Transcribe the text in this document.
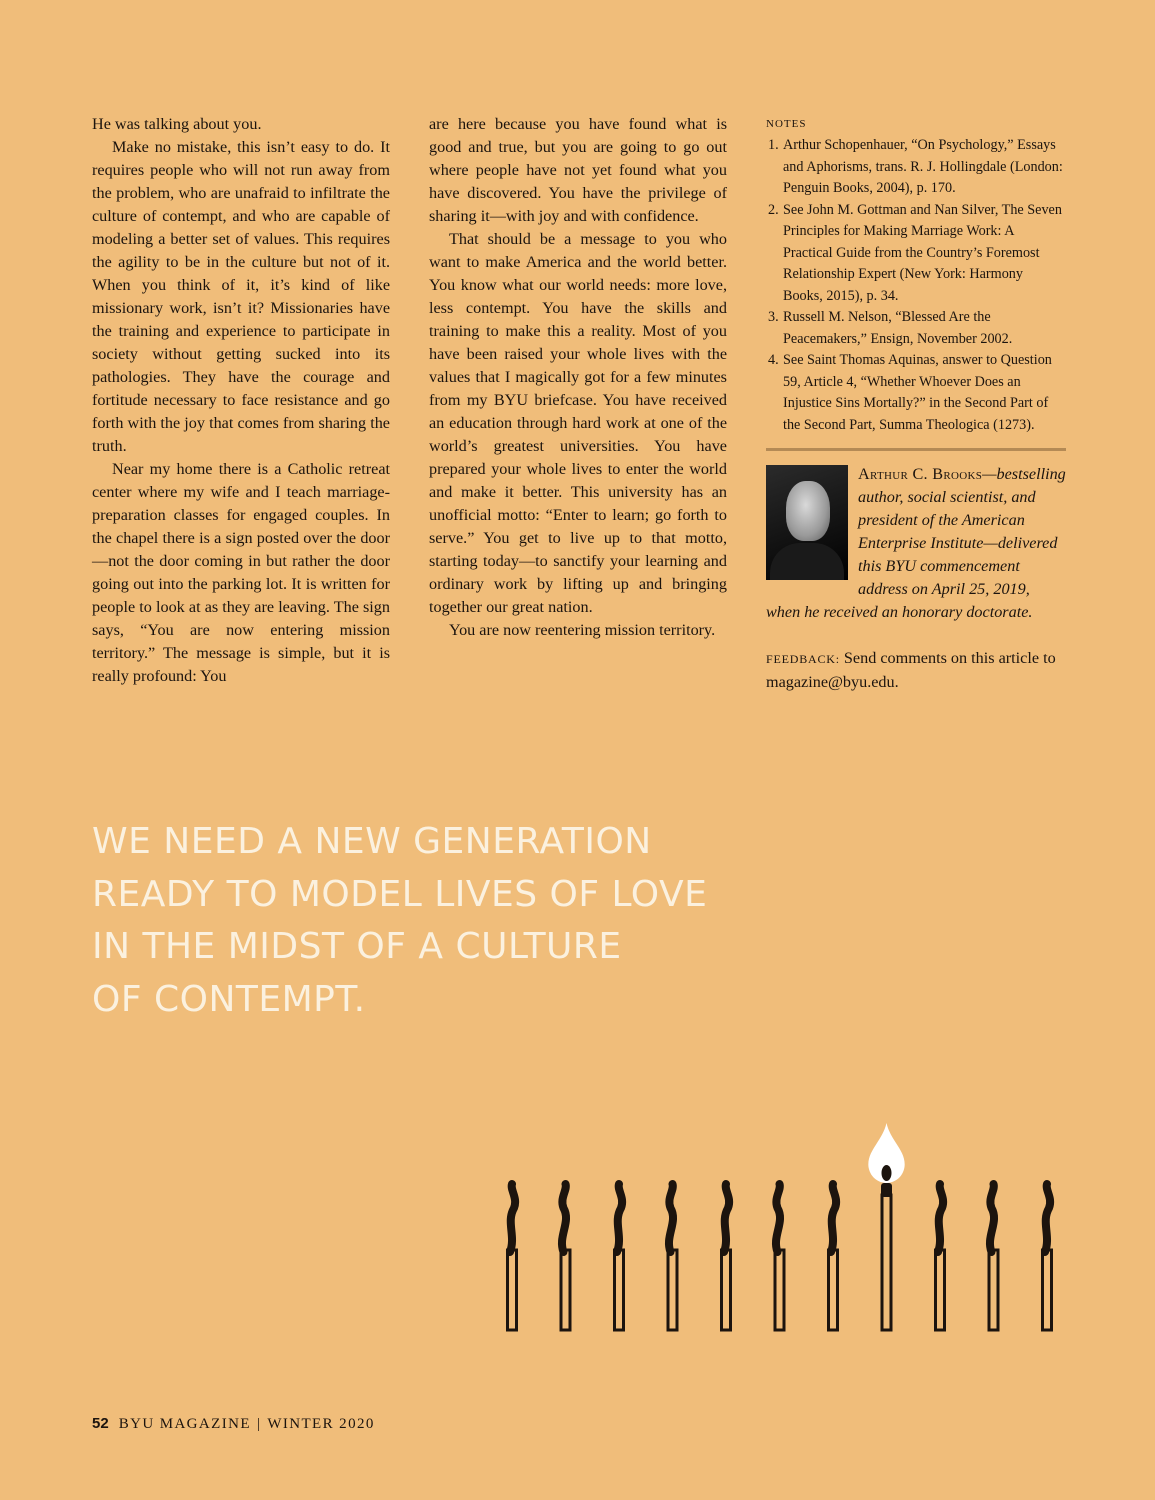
He was talking about you.

Make no mistake, this isn’t easy to do. It requires people who will not run away from the problem, who are unafraid to infiltrate the culture of contempt, and who are capable of modeling a better set of values. This requires the agility to be in the culture but not of it. When you think of it, it’s kind of like missionary work, isn’t it? Missionaries have the training and experience to participate in society without getting sucked into its pathologies. They have the courage and fortitude necessary to face resistance and go forth with the joy that comes from sharing the truth.

Near my home there is a Catholic retreat center where my wife and I teach marriage-preparation classes for engaged couples. In the chapel there is a sign posted over the door—not the door coming in but rather the door going out into the parking lot. It is written for people to look at as they are leaving. The sign says, “You are now entering mission territory.” The message is simple, but it is really profound: You

are here because you have found what is good and true, but you are going to go out where people have not yet found what you have discovered. You have the privilege of sharing it—with joy and with confidence.

That should be a message to you who want to make America and the world better. You know what our world needs: more love, less contempt. You have the skills and training to make this a reality. Most of you have been raised your whole lives with the values that I magically got for a few minutes from my BYU briefcase. You have received an education through hard work at one of the world’s greatest universities. You have prepared your whole lives to enter the world and make it better. This university has an unofficial motto: “Enter to learn; go forth to serve.” You get to live up to that motto, starting today—to sanctify your learning and ordinary work by lifting up and bringing together our great nation.

You are now reentering mission territory.

NOTES
1. Arthur Schopenhauer, “On Psychology,” Essays and Aphorisms, trans. R. J. Hollingdale (London: Penguin Books, 2004), p. 170.
2. See John M. Gottman and Nan Silver, The Seven Principles for Making Marriage Work: A Practical Guide from the Country’s Foremost Relationship Expert (New York: Harmony Books, 2015), p. 34.
3. Russell M. Nelson, “Blessed Are the Peacemakers,” Ensign, November 2002.
4. See Saint Thomas Aquinas, answer to Question 59, Article 4, “Whether Whoever Does an Injustice Sins Mortally?” in the Second Part of the Second Part, Summa Theologica (1273).
Arthur C. Brooks—bestselling author, social scientist, and president of the American Enterprise Institute—delivered this BYU commencement address on April 25, 2019, when he received an honorary doctorate.
FEEDBACK: Send comments on this article to magazine@byu.edu.
WE NEED A NEW GENERATION
READY TO MODEL LIVES OF LOVE
IN THE MIDST OF A CULTURE
OF CONTEMPT.
52 BYU MAGAZINE | WINTER 2020
